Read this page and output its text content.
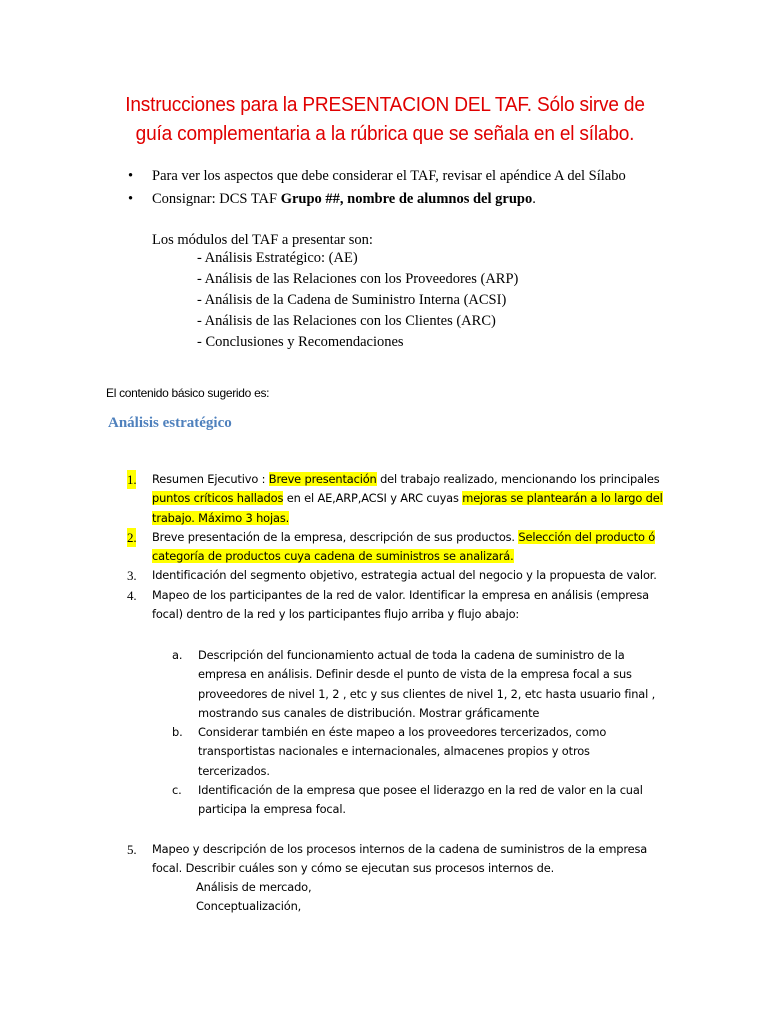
Instrucciones para la PRESENTACION DEL TAF. Sólo sirve de
guía complementaria a la rúbrica que se señala en el sílabo.
• Para ver los aspectos que debe considerar el TAF, revisar el apéndice A del Sílabo
• Consignar: DCS TAF Grupo ##, nombre de alumnos del grupo.
Los módulos del TAF a presentar son:
- Análisis Estratégico: (AE)
- Análisis de las Relaciones con los Proveedores (ARP)
- Análisis de la Cadena de Suministro Interna (ACSI)
- Análisis de las Relaciones con los Clientes (ARC)
- Conclusiones y Recomendaciones
El contenido básico sugerido es:
Análisis estratégico
1. Resumen Ejecutivo : Breve presentación del trabajo realizado, mencionando los principales puntos críticos hallados en el AE,ARP,ACSI y ARC cuyas mejoras se plantearán a lo largo del trabajo. Máximo 3 hojas.
2. Breve presentación de la empresa, descripción de sus productos. Selección del producto ó categoría de productos cuya cadena de suministros se analizará.
3. Identificación del segmento objetivo, estrategia actual del negocio y la propuesta de valor.
4. Mapeo de los participantes de la red de valor. Identificar la empresa en análisis (empresa focal) dentro de la red y los participantes flujo arriba y flujo abajo:
a. Descripción del funcionamiento actual de toda la cadena de suministro de la empresa en análisis. Definir desde el punto de vista de la empresa focal a sus proveedores de nivel 1, 2 , etc y sus clientes de nivel 1, 2, etc hasta usuario final , mostrando sus canales de distribución. Mostrar gráficamente
b. Considerar también en éste mapeo a los proveedores tercerizados, como transportistas nacionales e internacionales, almacenes propios y otros tercerizados.
c. Identificación de la empresa que posee el liderazgo en la red de valor en la cual participa la empresa focal.
5. Mapeo y descripción de los procesos internos de la cadena de suministros de la empresa focal. Describir cuáles son y cómo se ejecutan sus procesos internos de.
Análisis de mercado,
Conceptualización,
